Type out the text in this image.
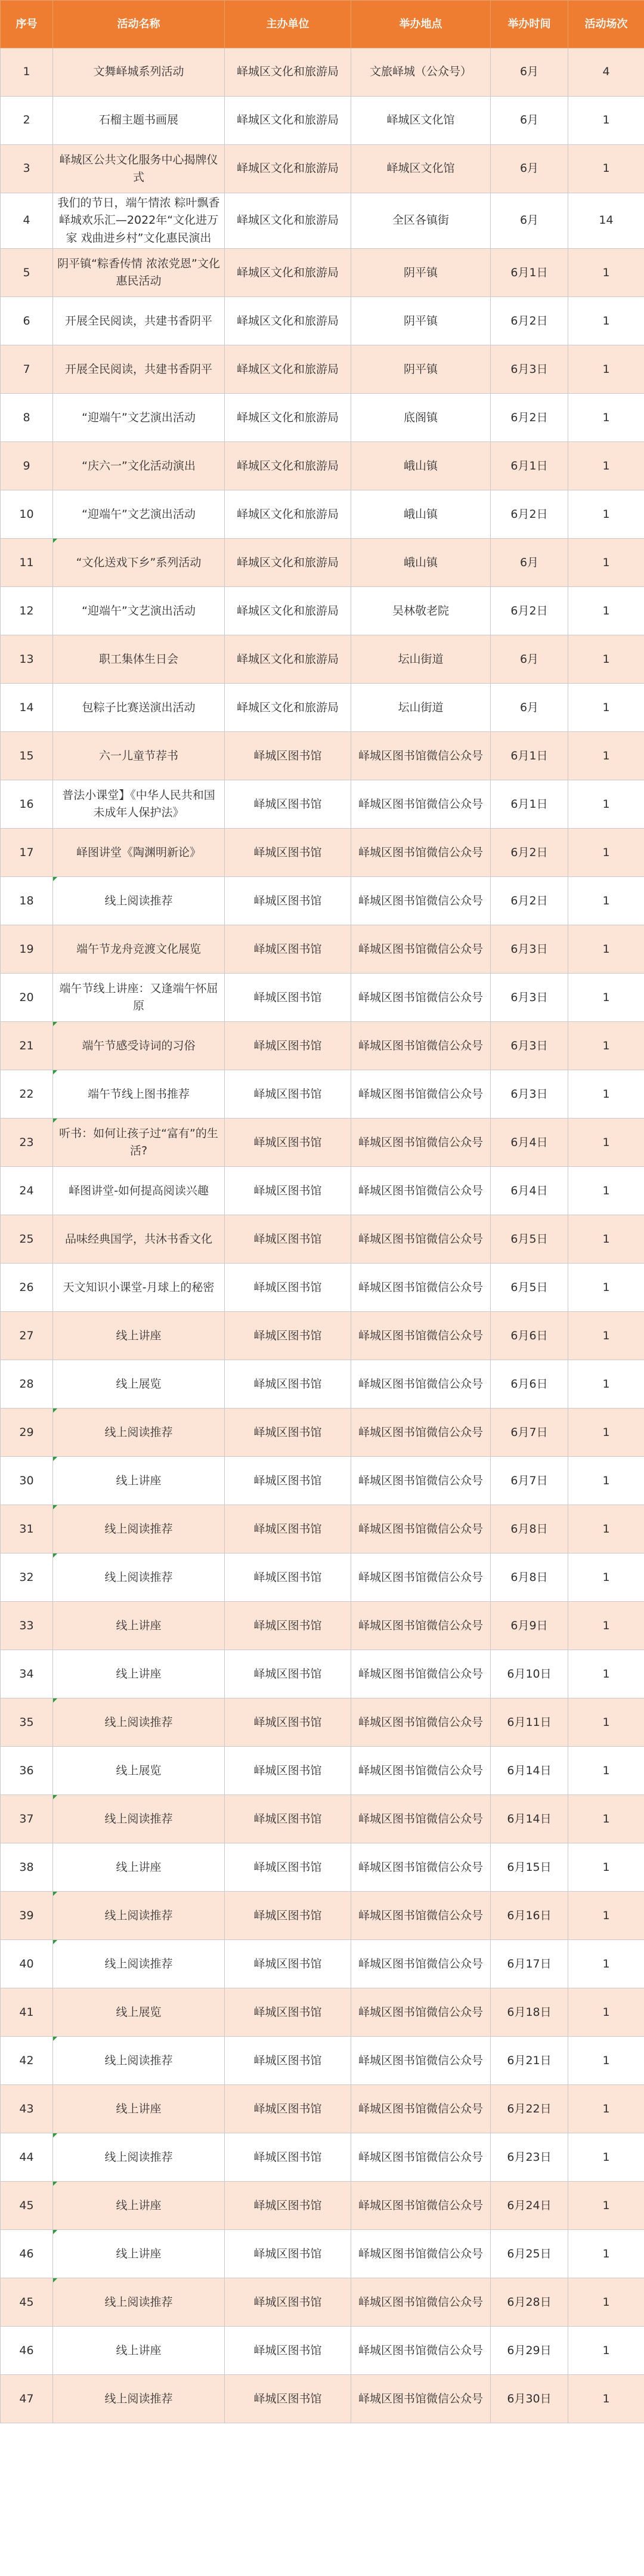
序号	活动名称	主办单位	举办地点	举办时间	活动场次
1	文舞峄城系列活动	峄城区文化和旅游局	文旅峄城（公众号）	6月	4
2	石榴主题书画展	峄城区文化和旅游局	峄城区文化馆	6月	1
3	峄城区公共文化服务中心揭牌仪式	峄城区文化和旅游局	峄城区文化馆	6月	1
4	我们的节日，端午情浓 粽叶飘香峄城欢乐汇—2022年“文化进万家 戏曲进乡村”文化惠民演出	峄城区文化和旅游局	全区各镇街	6月	14
5	阴平镇“粽香传情 浓浓党恩”文化惠民活动	峄城区文化和旅游局	阴平镇	6月1日	1
6	开展全民阅读，共建书香阴平	峄城区文化和旅游局	阴平镇	6月2日	1
7	开展全民阅读，共建书香阴平	峄城区文化和旅游局	阴平镇	6月3日	1
8	“迎端午”文艺演出活动	峄城区文化和旅游局	底阁镇	6月2日	1
9	“庆六一”文化活动演出	峄城区文化和旅游局	峨山镇	6月1日	1
10	“迎端午”文艺演出活动	峄城区文化和旅游局	峨山镇	6月2日	1
11	“文化送戏下乡”系列活动	峄城区文化和旅游局	峨山镇	6月	1
12	“迎端午”文艺演出活动	峄城区文化和旅游局	吴林敬老院	6月2日	1
13	职工集体生日会	峄城区文化和旅游局	坛山街道	6月	1
14	包粽子比赛送演出活动	峄城区文化和旅游局	坛山街道	6月	1
15	六一儿童节荐书	峄城区图书馆	峄城区图书馆微信公众号	6月1日	1
16	普法小课堂】《中华人民共和国未成年人保护法》	峄城区图书馆	峄城区图书馆微信公众号	6月1日	1
17	峄图讲堂《陶渊明新论》	峄城区图书馆	峄城区图书馆微信公众号	6月2日	1
18	线上阅读推荐	峄城区图书馆	峄城区图书馆微信公众号	6月2日	1
19	端午节龙舟竞渡文化展览	峄城区图书馆	峄城区图书馆微信公众号	6月3日	1
20	端午节线上讲座：又逢端午怀屈原	峄城区图书馆	峄城区图书馆微信公众号	6月3日	1
21	端午节感受诗词的习俗	峄城区图书馆	峄城区图书馆微信公众号	6月3日	1
22	端午节线上图书推荐	峄城区图书馆	峄城区图书馆微信公众号	6月3日	1
23	听书：如何让孩子过“富有”的生活?	峄城区图书馆	峄城区图书馆微信公众号	6月4日	1
24	峄图讲堂-如何提高阅读兴趣	峄城区图书馆	峄城区图书馆微信公众号	6月4日	1
25	品味经典国学，共沐书香文化	峄城区图书馆	峄城区图书馆微信公众号	6月5日	1
26	天文知识小课堂-月球上的秘密	峄城区图书馆	峄城区图书馆微信公众号	6月5日	1
27	线上讲座	峄城区图书馆	峄城区图书馆微信公众号	6月6日	1
28	线上展览	峄城区图书馆	峄城区图书馆微信公众号	6月6日	1
29	线上阅读推荐	峄城区图书馆	峄城区图书馆微信公众号	6月7日	1
30	线上讲座	峄城区图书馆	峄城区图书馆微信公众号	6月7日	1
31	线上阅读推荐	峄城区图书馆	峄城区图书馆微信公众号	6月8日	1
32	线上阅读推荐	峄城区图书馆	峄城区图书馆微信公众号	6月8日	1
33	线上讲座	峄城区图书馆	峄城区图书馆微信公众号	6月9日	1
34	线上讲座	峄城区图书馆	峄城区图书馆微信公众号	6月10日	1
35	线上阅读推荐	峄城区图书馆	峄城区图书馆微信公众号	6月11日	1
36	线上展览	峄城区图书馆	峄城区图书馆微信公众号	6月14日	1
37	线上阅读推荐	峄城区图书馆	峄城区图书馆微信公众号	6月14日	1
38	线上讲座	峄城区图书馆	峄城区图书馆微信公众号	6月15日	1
39	线上阅读推荐	峄城区图书馆	峄城区图书馆微信公众号	6月16日	1
40	线上阅读推荐	峄城区图书馆	峄城区图书馆微信公众号	6月17日	1
41	线上展览	峄城区图书馆	峄城区图书馆微信公众号	6月18日	1
42	线上阅读推荐	峄城区图书馆	峄城区图书馆微信公众号	6月21日	1
43	线上讲座	峄城区图书馆	峄城区图书馆微信公众号	6月22日	1
44	线上阅读推荐	峄城区图书馆	峄城区图书馆微信公众号	6月23日	1
45	线上讲座	峄城区图书馆	峄城区图书馆微信公众号	6月24日	1
46	线上讲座	峄城区图书馆	峄城区图书馆微信公众号	6月25日	1
45	线上阅读推荐	峄城区图书馆	峄城区图书馆微信公众号	6月28日	1
46	线上讲座	峄城区图书馆	峄城区图书馆微信公众号	6月29日	1
47	线上阅读推荐	峄城区图书馆	峄城区图书馆微信公众号	6月30日	1
